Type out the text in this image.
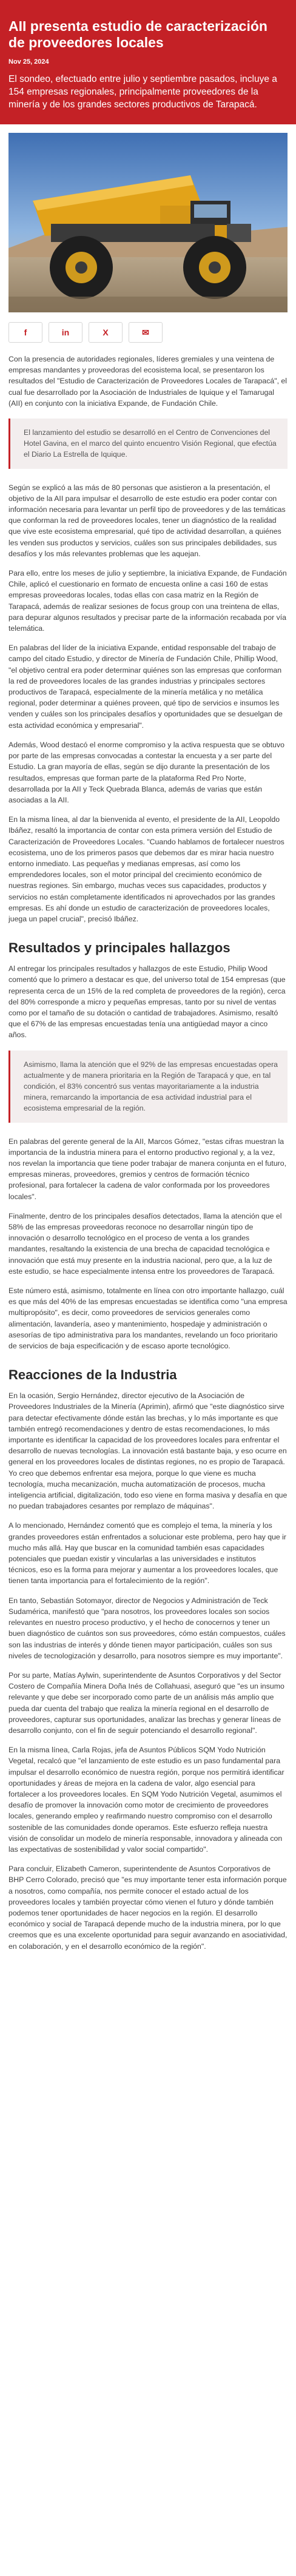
AII presenta estudio de caracterización de proveedores locales
Nov 25, 2024
El sondeo, efectuado entre julio y septiembre pasados, incluye a 154 empresas regionales, principalmente proveedores de la minería y de los grandes sectores productivos de Tarapacá.
f	in	X	✉

Con la presencia de autoridades regionales, líderes gremiales y una veintena de empresas mandantes y proveedoras del ecosistema local, se presentaron los resultados del "Estudio de Caracterización de Proveedores Locales de Tarapacá", el cual fue desarrollado por la Asociación de Industriales de Iquique y el Tamarugal (AII) en conjunto con la iniciativa Expande, de Fundación Chile.

El lanzamiento del estudio se desarrolló en el Centro de Convenciones del Hotel Gavina, en el marco del quinto encuentro Visión Regional, que efectúa el Diario La Estrella de Iquique.

Según se explicó a las más de 80 personas que asistieron a la presentación, el objetivo de la AII para impulsar el desarrollo de este estudio era poder contar con información necesaria para levantar un perfil tipo de proveedores y de las temáticas que conforman la red de proveedores locales, tener un diagnóstico de la realidad que vive este ecosistema empresarial, qué tipo de actividad desarrollan, a quiénes les venden sus productos y servicios, cuáles son sus principales debilidades, sus desafíos y los más relevantes problemas que les aquejan.

Para ello, entre los meses de julio y septiembre, la iniciativa Expande, de Fundación Chile, aplicó el cuestionario en formato de encuesta online a casi 160 de estas empresas proveedoras locales, todas ellas con casa matriz en la Región de Tarapacá, además de realizar sesiones de focus group con una treintena de ellas, para depurar algunos resultados y precisar parte de la información recabada por vía telemática.

En palabras del líder de la iniciativa Expande, entidad responsable del trabajo de campo del citado Estudio, y director de Minería de Fundación Chile, Phillip Wood, "el objetivo central era poder determinar quiénes son las empresas que conforman la red de proveedores locales de las grandes industrias y principales sectores productivos de Tarapacá, especialmente de la minería metálica y no metálica regional, poder determinar a quiénes proveen, qué tipo de servicios e insumos les venden y cuáles son los principales desafíos y oportunidades que se desuelgan de esta actividad económica y empresarial".

Además, Wood destacó el enorme compromiso y la activa respuesta que se obtuvo por parte de las empresas convocadas a contestar la encuesta y a ser parte del Estudio. La gran mayoría de ellas, según se dijo durante la presentación de los resultados, empresas que forman parte de la plataforma Red Pro Norte, desarrollada por la AII y Teck Quebrada Blanca, además de varias que están asociadas a la AII.

En la misma línea, al dar la bienvenida al evento, el presidente de la AII, Leopoldo Ibáñez, resaltó la importancia de contar con esta primera versión del Estudio de Caracterización de Proveedores Locales. "Cuando hablamos de fortalecer nuestros ecosistema, uno de los primeros pasos que debemos dar es mirar hacia nuestro entorno inmediato. Las pequeñas y medianas empresas, así como los emprendedores locales, son el motor principal del crecimiento económico de nuestras regiones. Sin embargo, muchas veces sus capacidades, productos y servicios no están completamente identificados ni aprovechados por las grandes empresas. Es ahí donde un estudio de caracterización de proveedores locales, juega un papel crucial", precisó Ibáñez.

Resultados y principales hallazgos

Al entregar los principales resultados y hallazgos de este Estudio, Philip Wood comentó que lo primero a destacar es que, del universo total de 154 empresas (que representa cerca de un 15% de la red completa de proveedores de la región), cerca del 80% corresponde a micro y pequeñas empresas, tanto por su nivel de ventas como por el tamaño de su dotación o cantidad de trabajadores. Asimismo, resaltó que el 67% de las empresas encuestadas tenía una antigüedad mayor a cinco años.

Asimismo, llama la atención que el 92% de las empresas encuestadas opera actualmente y de manera prioritaria en la Región de Tarapacá y que, en tal condición, el 83% concentró sus ventas mayoritariamente a la industria minera, remarcando la importancia de esa actividad industrial para el ecosistema empresarial de la región.

En palabras del gerente general de la AII, Marcos Gómez, "estas cifras muestran la importancia de la industria minera para el entorno productivo regional y, a la vez, nos revelan la importancia que tiene poder trabajar de manera conjunta en el futuro, empresas mineras, proveedores, gremios y centros de formación técnico profesional, para fortalecer la cadena de valor conformada por los proveedores locales".

Finalmente, dentro de los principales desafíos detectados, llama la atención que el 58% de las empresas proveedoras reconoce no desarrollar ningún tipo de innovación o desarrollo tecnológico en el proceso de venta a los grandes mandantes, resaltando la existencia de una brecha de capacidad tecnológica e innovación que está muy presente en la industria nacional, pero que, a la luz de este estudio, se hace especialmente intensa entre los proveedores de Tarapacá.

Este número está, asimismo, totalmente en línea con otro importante hallazgo, cuál es que más del 40% de las empresas encuestadas se identifica como "una empresa multipropósito", es decir, como proveedores de servicios generales como alimentación, lavandería, aseo y mantenimiento, hospedaje y administración o asesorías de tipo administrativa para los mandantes, revelando un foco prioritario de servicios de baja especificación y de escaso aporte tecnológico.

Reacciones de la Industria

En la ocasión, Sergio Hernández, director ejecutivo de la Asociación de Proveedores Industriales de la Minería (Aprimin), afirmó que "este diagnóstico sirve para detectar efectivamente dónde están las brechas, y lo más importante es que también entregó recomendaciones y dentro de estas recomendaciones, lo más importante es identificar la capacidad de los proveedores locales para enfrentar el desarrollo de nuevas tecnologías. La innovación está bastante baja, y eso ocurre en general en los proveedores locales de distintas regiones, no es propio de Tarapacá. Yo creo que debemos enfrentar esa mejora, porque lo que viene es mucha tecnología, mucha mecanización, mucha automatización de procesos, mucha inteligencia artificial, digitalización, todo eso viene en forma masiva y desafía en que no puedan trabajadores cesantes por remplazo de máquinas".

A lo mencionado, Hernández comentó que es complejo el tema, la minería y los grandes proveedores están enfrentados a solucionar este problema, pero hay que ir mucho más allá. Hay que buscar en la comunidad también esas capacidades potenciales que puedan existir y vincularlas a las universidades e institutos técnicos, eso es la forma para mejorar y aumentar a los proveedores locales, que tienen tanta importancia para el fortalecimiento de la región".

En tanto, Sebastián Sotomayor, director de Negocios y Administración de Teck Sudamérica, manifestó que "para nosotros, los proveedores locales son socios relevantes en nuestro proceso productivo, y el hecho de conocernos y tener un buen diagnóstico de cuántos son sus proveedores, cómo están compuestos, cuáles son las industrias de interés y dónde tienen mayor participación, cuáles son sus niveles de tecnologización y desarrollo, para nosotros siempre es muy importante".

Por su parte, Matías Aylwin, superintendente de Asuntos Corporativos y del Sector Costero de Compañía Minera Doña Inés de Collahuasi, aseguró que "es un insumo relevante y que debe ser incorporado como parte de un análisis más amplio que pueda dar cuenta del trabajo que realiza la minería regional en el desarrollo de proveedores, capturar sus oportunidades, analizar las brechas y generar líneas de desarrollo conjunto, con el fin de seguir potenciando el desarrollo regional".

En la misma línea, Carla Rojas, jefa de Asuntos Públicos SQM Yodo Nutrición Vegetal, recalcó que "el lanzamiento de este estudio es un paso fundamental para impulsar el desarrollo económico de nuestra región, porque nos permitirá identificar oportunidades y áreas de mejora en la cadena de valor, algo esencial para fortalecer a los proveedores locales. En SQM Yodo Nutrición Vegetal, asumimos el desafío de promover la innovación como motor de crecimiento de proveedores locales, generando empleo y reafirmando nuestro compromiso con el desarrollo sostenible de las comunidades donde operamos. Este esfuerzo refleja nuestra visión de consolidar un modelo de minería responsable, innovadora y alineada con las expectativas de sostenibilidad y valor social compartido".

Para concluir, Elizabeth Cameron, superintendente de Asuntos Corporativos de BHP Cerro Colorado, precisó que "es muy importante tener esta información porque a nosotros, como compañía, nos permite conocer el estado actual de los proveedores locales y también proyectar cómo vienen el futuro y dónde también podemos tener oportunidades de hacer negocios en la región. El desarrollo económico y social de Tarapacá depende mucho de la industria minera, por lo que creemos que es una excelente oportunidad para seguir avanzando en asociatividad, en colaboración, y en el desarrollo económico de la región".
